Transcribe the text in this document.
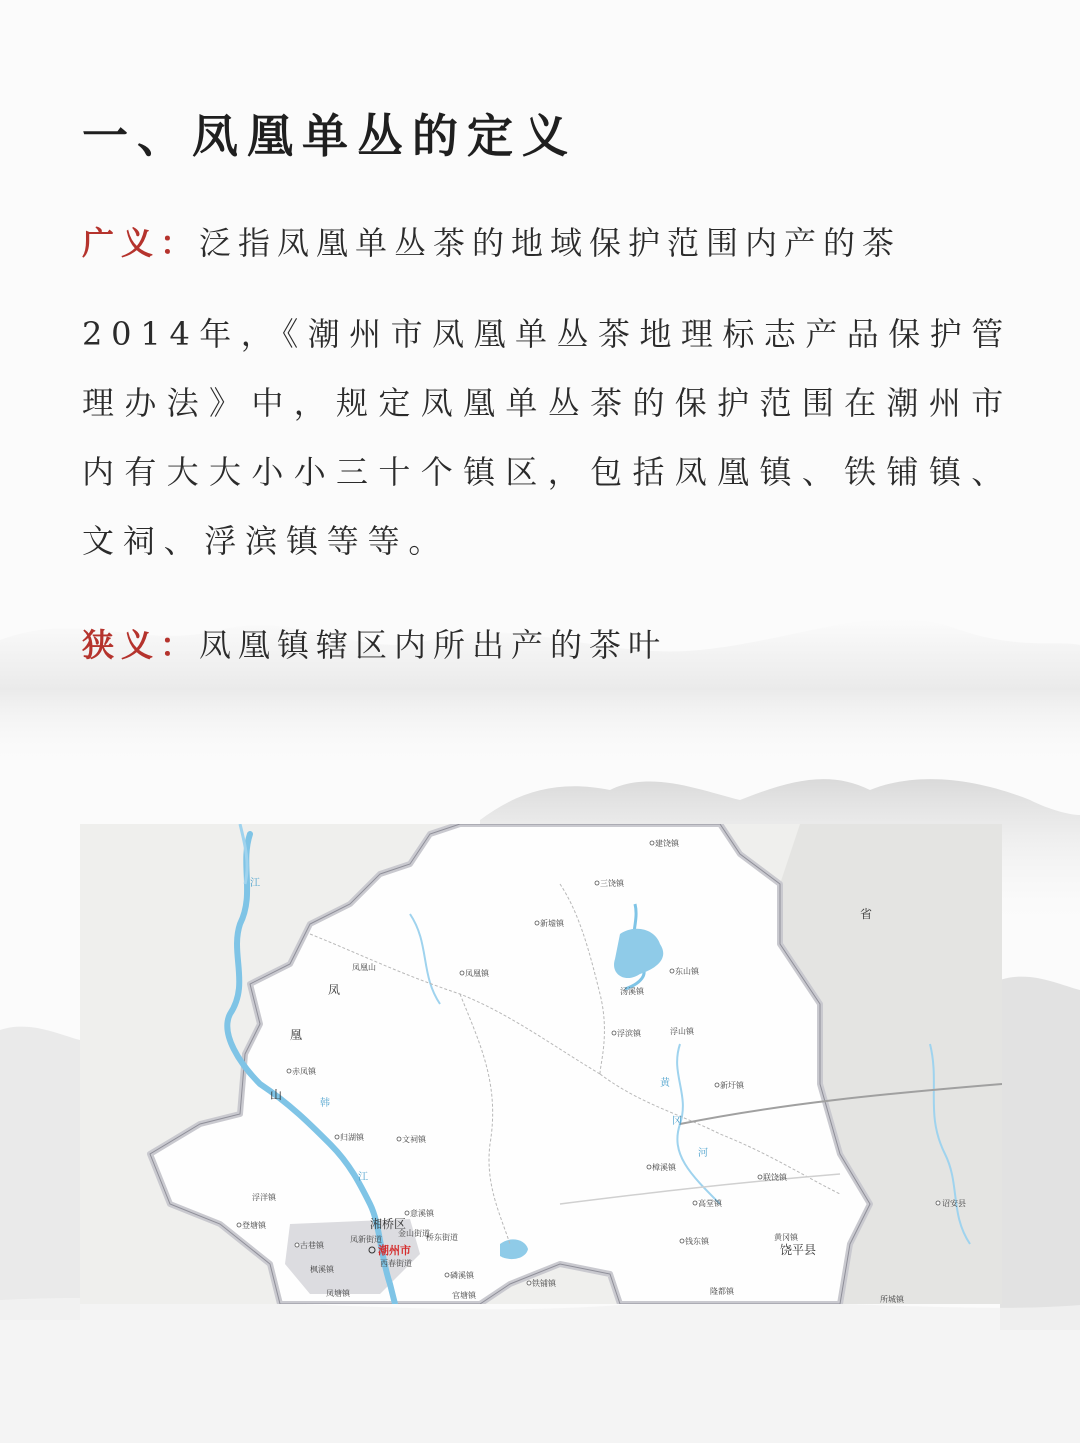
一、凤凰单丛的定义

广义：泛指凤凰单丛茶的地域保护范围内产的茶

2014年，《潮州市凤凰单丛茶地理标志产品保护管理办法》中，规定凤凰单丛茶的保护范围在潮州市内有大大小小三十个镇区，包括凤凰镇、铁铺镇、文祠、浮滨镇等等。

狭义：凤凰镇辖区内所出产的茶叶

建饶镇
三饶镇
新墟镇
凤凰山
凤凰镇	东山镇
汤溪镇
浮滨镇	浮山镇
赤凤镇
新圩镇
归湖镇	文祠镇
樟溪镇
联饶镇
高堂镇
意溪镇
登塘镇
古巷镇
凤新街道
金山街道
桥东街道
西春街道
枫溪镇
磷溪镇
铁铺镇
官塘镇
钱东镇	黄冈镇
凤塘镇
浮洋镇
隆都镇
所城镇
湘桥区
潮州市	饶平县
诏安县
省
凤
凰
山
江
韩
江
黄
冈
河
